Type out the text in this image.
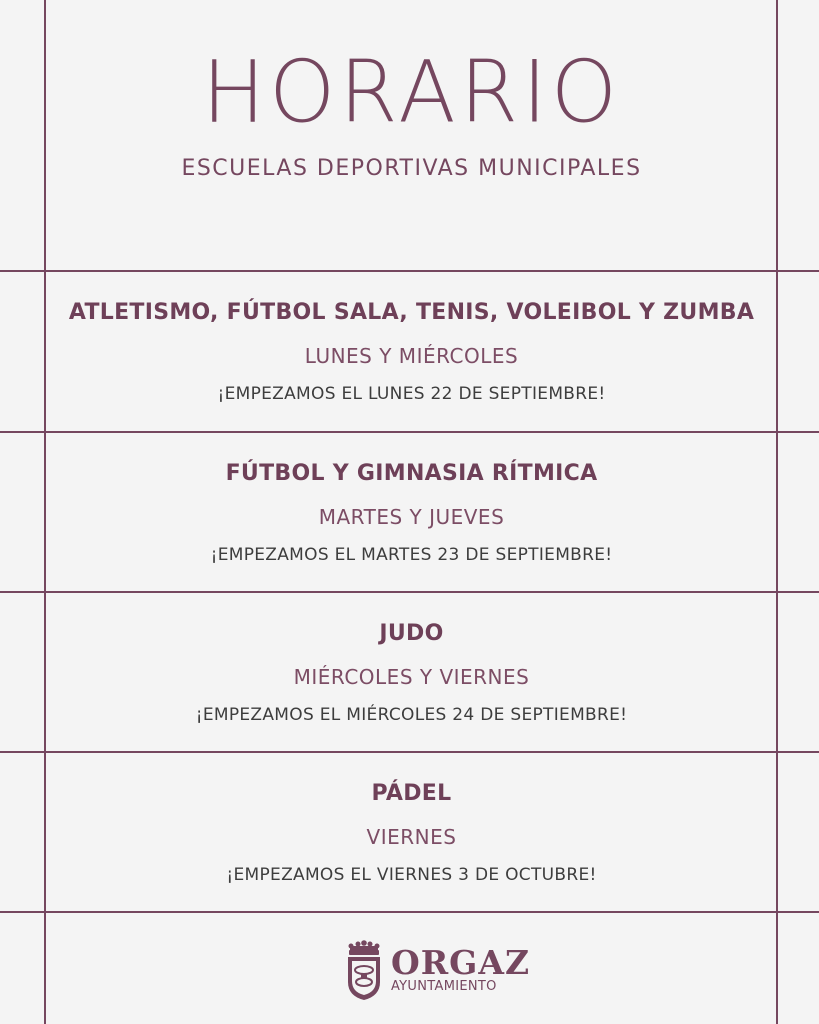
HORARIO
ESCUELAS DEPORTIVAS MUNICIPALES
ATLETISMO, FÚTBOL SALA, TENIS, VOLEIBOL Y ZUMBA
LUNES Y MIÉRCOLES
¡EMPEZAMOS EL LUNES 22 DE SEPTIEMBRE!
FÚTBOL Y GIMNASIA RÍTMICA
MARTES Y JUEVES
¡EMPEZAMOS EL MARTES 23 DE SEPTIEMBRE!
JUDO
MIÉRCOLES Y VIERNES
¡EMPEZAMOS EL MIÉRCOLES 24 DE SEPTIEMBRE!
PÁDEL
VIERNES
¡EMPEZAMOS EL VIERNES 3 DE OCTUBRE!
ORGAZ
AYUNTAMIENTO
